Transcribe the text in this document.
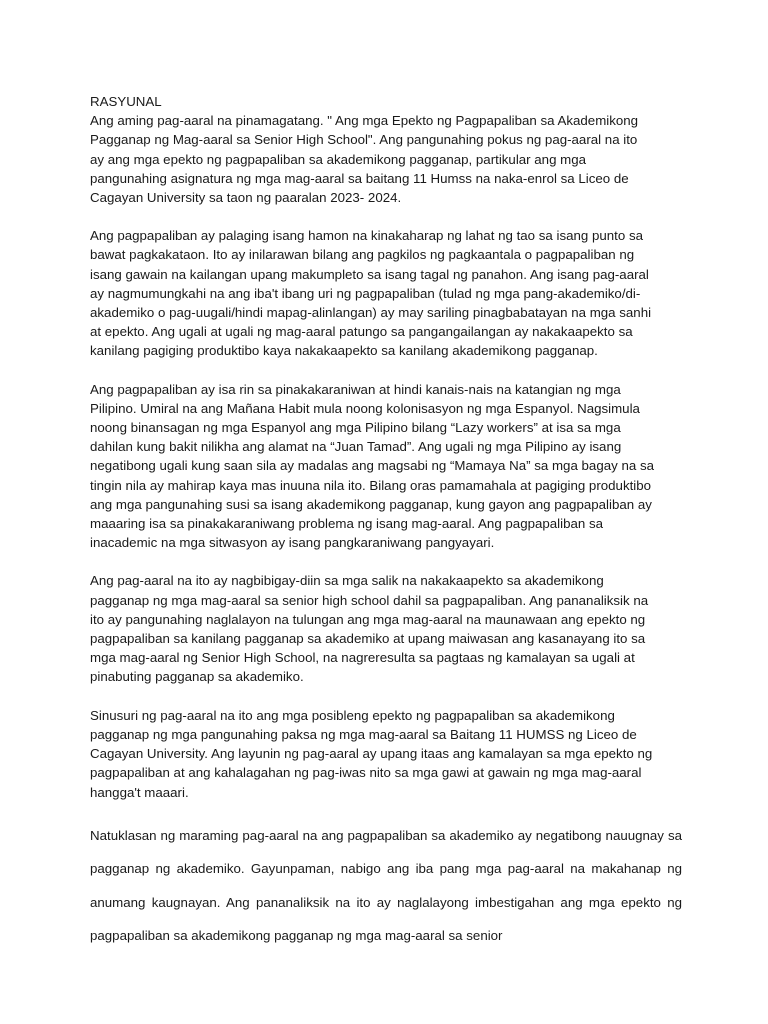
RASYUNAL

Ang aming pag-aaral na pinamagatang. " Ang mga Epekto ng Pagpapaliban sa Akademikong
Pagganap ng Mag-aaral sa Senior High School". Ang pangunahing pokus ng pag-aaral na ito
ay ang mga epekto ng pagpapaliban sa akademikong pagganap, partikular ang mga
pangunahing asignatura ng mga mag-aaral sa baitang 11 Humss na naka-enrol sa Liceo de
Cagayan University sa taon ng paaralan 2023- 2024.

Ang pagpapaliban ay palaging isang hamon na kinakaharap ng lahat ng tao sa isang punto sa
bawat pagkakataon. Ito ay inilarawan bilang ang pagkilos ng pagkaantala o pagpapaliban ng
isang gawain na kailangan upang makumpleto sa isang tagal ng panahon. Ang isang pag-aaral
ay nagmumungkahi na ang iba't ibang uri ng pagpapaliban (tulad ng mga pang-akademiko/di-
akademiko o pag-uugali/hindi mapag-alinlangan) ay may sariling pinagbabatayan na mga sanhi
at epekto. Ang ugali at ugali ng mag-aaral patungo sa pangangailangan ay nakakaapekto sa
kanilang pagiging produktibo kaya nakakaapekto sa kanilang akademikong pagganap.

Ang pagpapaliban ay isa rin sa pinakakaraniwan at hindi kanais-nais na katangian ng mga
Pilipino. Umiral na ang Mañana Habit mula noong kolonisasyon ng mga Espanyol. Nagsimula
noong binansagan ng mga Espanyol ang mga Pilipino bilang “Lazy workers” at isa sa mga
dahilan kung bakit nilikha ang alamat na “Juan Tamad”. Ang ugali ng mga Pilipino ay isang
negatibong ugali kung saan sila ay madalas ang magsabi ng “Mamaya Na” sa mga bagay na sa
tingin nila ay mahirap kaya mas inuuna nila ito. Bilang oras pamamahala at pagiging produktibo
ang mga pangunahing susi sa isang akademikong pagganap, kung gayon ang pagpapaliban ay
maaaring isa sa pinakakaraniwang problema ng isang mag-aaral. Ang pagpapaliban sa
inacademic na mga sitwasyon ay isang pangkaraniwang pangyayari.

Ang pag-aaral na ito ay nagbibigay-diin sa mga salik na nakakaapekto sa akademikong
pagganap ng mga mag-aaral sa senior high school dahil sa pagpapaliban. Ang pananaliksik na
ito ay pangunahing naglalayon na tulungan ang mga mag-aaral na maunawaan ang epekto ng
pagpapaliban sa kanilang pagganap sa akademiko at upang maiwasan ang kasanayang ito sa
mga mag-aaral ng Senior High School, na nagreresulta sa pagtaas ng kamalayan sa ugali at
pinabuting pagganap sa akademiko.

Sinusuri ng pag-aaral na ito ang mga posibleng epekto ng pagpapaliban sa akademikong
pagganap ng mga pangunahing paksa ng mga mag-aaral sa Baitang 11 HUMSS ng Liceo de
Cagayan University. Ang layunin ng pag-aaral ay upang itaas ang kamalayan sa mga epekto ng
pagpapaliban at ang kahalagahan ng pag-iwas nito sa mga gawi at gawain ng mga mag-aaral
hangga't maaari.

Natuklasan ng maraming pag-aaral na ang pagpapaliban sa akademiko ay negatibong nauugnay sa pagganap ng akademiko. Gayunpaman, nabigo ang iba pang mga pag-aaral na makahanap ng anumang kaugnayan. Ang pananaliksik na ito ay naglalayong imbestigahan ang mga epekto ng pagpapaliban sa akademikong pagganap ng mga mag-aaral sa senior
